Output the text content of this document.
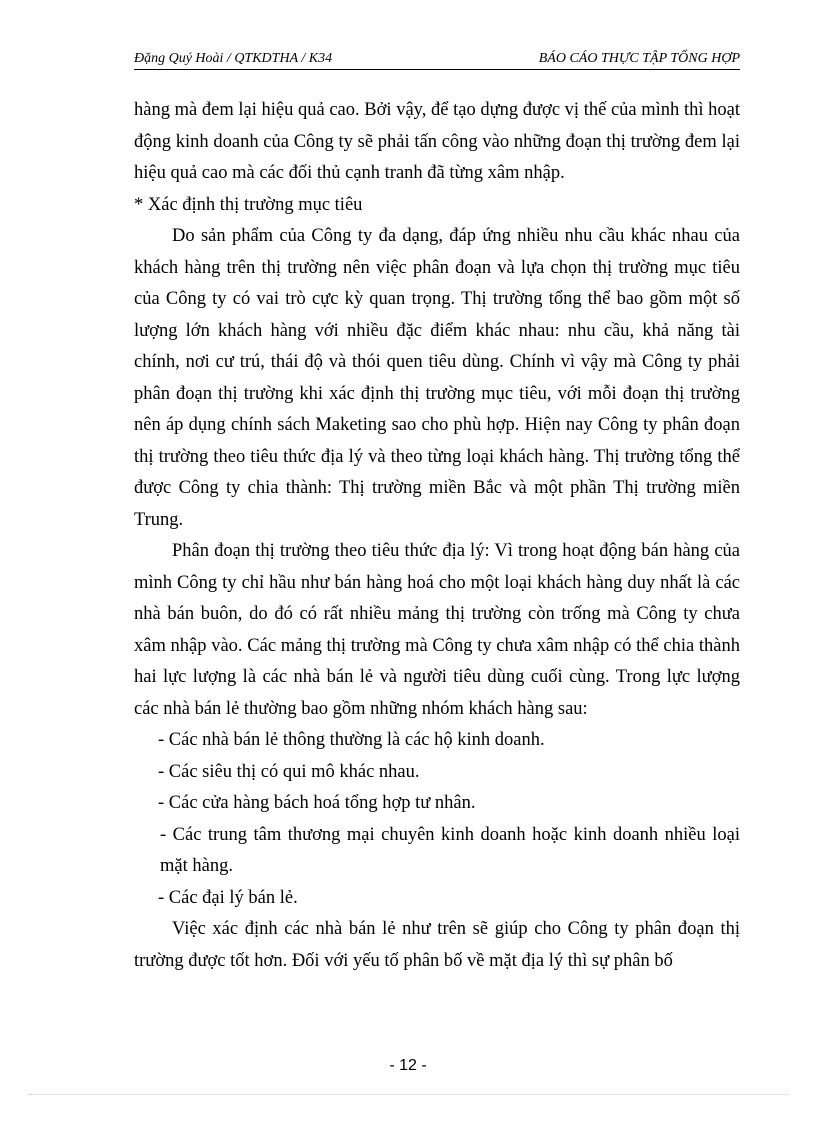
Đặng Quý Hoài / QTKDTHA / K34	BÁO CÁO THỰC TẬP TỔNG HỢP

hàng mà đem lại hiệu quả cao. Bởi vậy, để tạo dựng được vị thế của mình thì hoạt động kinh doanh của Công ty sẽ phải tấn công vào những đoạn thị trường đem lại hiệu quả cao mà các đối thủ cạnh tranh đã từng xâm nhập.

* Xác định thị trường mục tiêu

Do sản phẩm của Công ty đa dạng, đáp ứng nhiều nhu cầu khác nhau của khách hàng trên thị trường nên việc phân đoạn và lựa chọn thị trường mục tiêu của Công ty có vai trò cực kỳ quan trọng. Thị trường tổng thể bao gồm một số lượng lớn khách hàng với nhiều đặc điểm khác nhau: nhu cầu, khả năng tài chính, nơi cư trú, thái độ và thói quen tiêu dùng. Chính vì vậy mà Công ty phải phân đoạn thị trường khi xác định thị trường mục tiêu, với mỗi đoạn thị trường nên áp dụng chính sách Maketing sao cho phù hợp. Hiện nay Công ty phân đoạn thị trường theo tiêu thức địa lý và theo từng loại khách hàng. Thị trường tổng thể được Công ty chia thành: Thị trường miền Bắc và một phần Thị trường miền Trung.

Phân đoạn thị trường theo tiêu thức địa lý: Vì trong hoạt động bán hàng của mình Công ty chỉ hầu như bán hàng hoá cho một loại khách hàng duy nhất là các nhà bán buôn, do đó có rất nhiều mảng thị trường còn trống mà Công ty chưa xâm nhập vào. Các mảng thị trường mà Công ty chưa xâm nhập có thể chia thành hai lực lượng là các nhà bán lẻ và người tiêu dùng cuối cùng. Trong lực lượng các nhà bán lẻ thường bao gồm những nhóm khách hàng sau:

- Các nhà bán lẻ thông thường là các hộ kinh doanh.

- Các siêu thị có qui mô khác nhau.

- Các cửa hàng bách hoá tổng hợp tư nhân.

- Các trung tâm thương mại chuyên kinh doanh hoặc kinh doanh nhiều loại mặt hàng.

- Các đại lý bán lẻ.

Việc xác định các nhà bán lẻ như trên sẽ giúp cho Công ty phân đoạn thị trường được tốt hơn. Đối với yếu tố phân bố về mặt địa lý thì sự phân bố

- 12 -
